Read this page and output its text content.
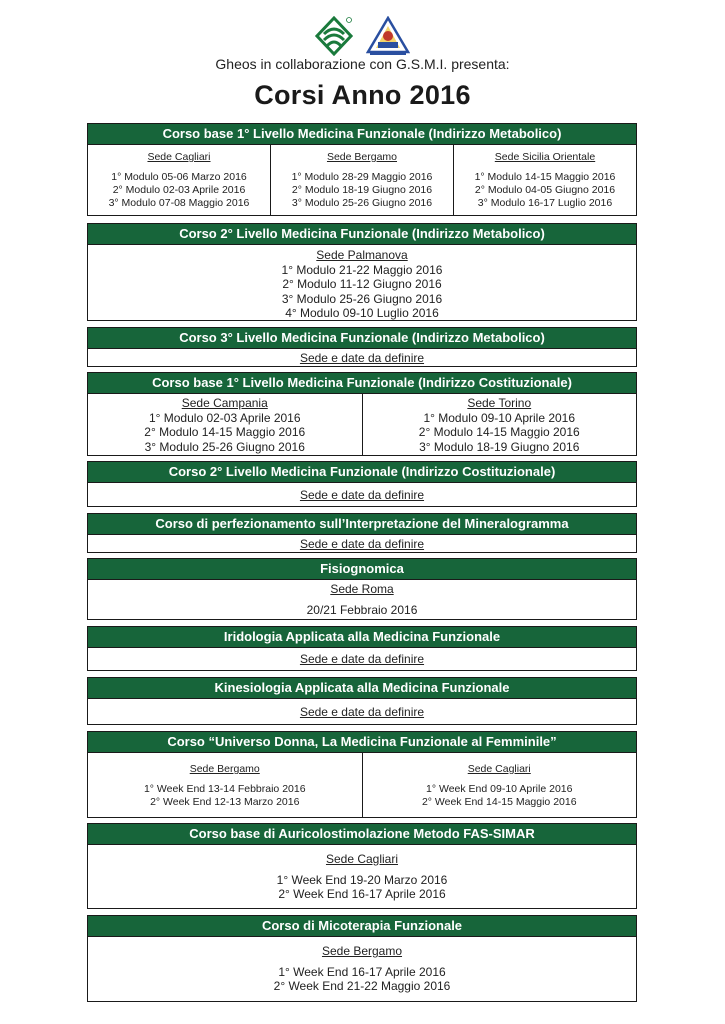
Gheos in collaborazione con G.S.M.I. presenta:
Corsi Anno 2016
Corso base 1° Livello Medicina Funzionale (Indirizzo Metabolico)
Sede Cagliari
1° Modulo 05-06 Marzo 2016
2° Modulo 02-03 Aprile 2016
3° Modulo 07-08 Maggio 2016
Sede Bergamo
1° Modulo 28-29 Maggio 2016
2° Modulo 18-19 Giugno 2016
3° Modulo 25-26 Giugno 2016
Sede Sicilia Orientale
1° Modulo 14-15 Maggio 2016
2° Modulo 04-05 Giugno 2016
3° Modulo 16-17 Luglio 2016
Corso 2° Livello Medicina Funzionale (Indirizzo Metabolico)
Sede Palmanova
1° Modulo 21-22 Maggio 2016
2° Modulo 11-12 Giugno 2016
3° Modulo 25-26 Giugno 2016
4° Modulo 09-10 Luglio 2016
Corso 3° Livello Medicina Funzionale (Indirizzo Metabolico)
Sede e date da definire
Corso base 1° Livello Medicina Funzionale (Indirizzo Costituzionale)
Sede Campania
1° Modulo 02-03 Aprile 2016
2° Modulo 14-15 Maggio 2016
3° Modulo 25-26 Giugno 2016
Sede Torino
1° Modulo 09-10 Aprile 2016
2° Modulo 14-15 Maggio 2016
3° Modulo 18-19 Giugno 2016
Corso 2° Livello Medicina Funzionale (Indirizzo Costituzionale)
Sede e date da definire
Corso di perfezionamento sull’Interpretazione del Mineralogramma
Sede e date da definire
Fisiognomica
Sede Roma
20/21 Febbraio 2016
Iridologia Applicata alla Medicina Funzionale
Sede e date da definire
Kinesiologia Applicata alla Medicina Funzionale
Sede e date da definire
Corso “Universo Donna, La Medicina Funzionale al Femminile”
Sede Bergamo
1° Week End 13-14 Febbraio 2016
2° Week End 12-13 Marzo 2016
Sede Cagliari
1° Week End 09-10 Aprile 2016
2° Week End 14-15 Maggio 2016
Corso base di Auricolostimolazione Metodo FAS-SIMAR
Sede Cagliari
1° Week End 19-20 Marzo 2016
2° Week End 16-17 Aprile 2016
Corso di Micoterapia Funzionale
Sede Bergamo
1° Week End 16-17 Aprile 2016
2° Week End 21-22 Maggio 2016
